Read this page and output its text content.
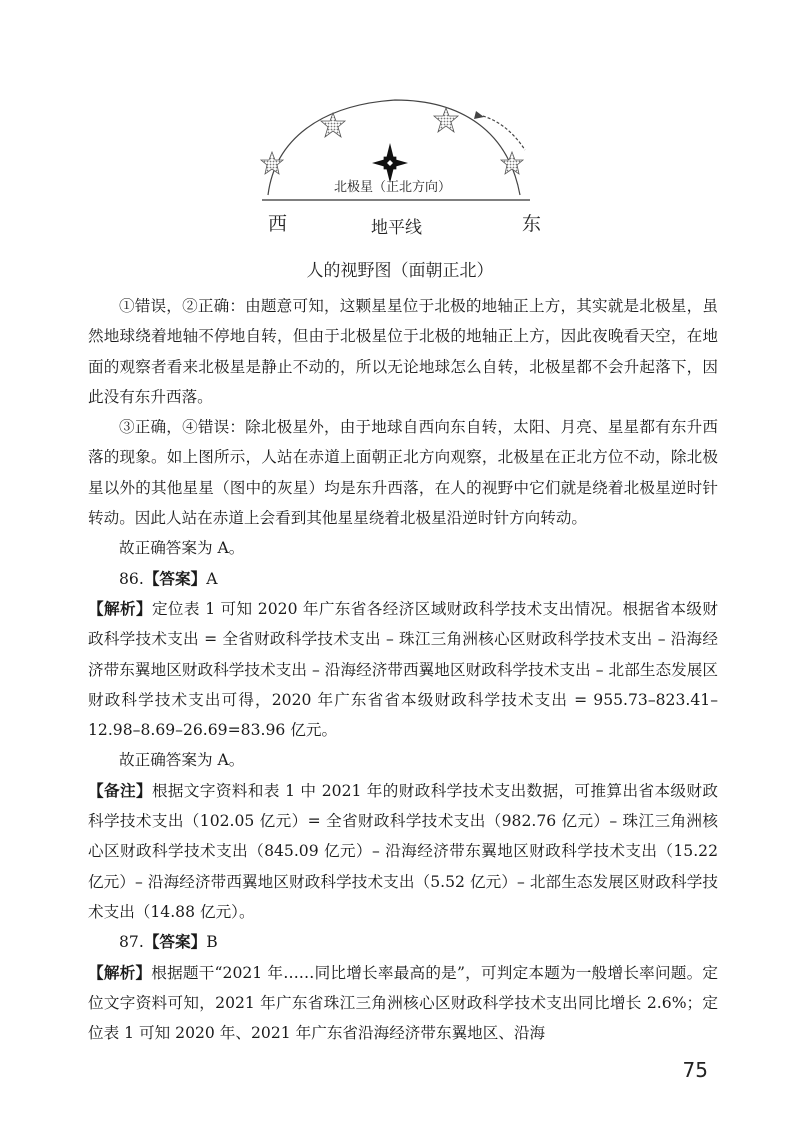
北极星（正北方向）
西	地平线	东
人的视野图（面朝正北）

①错误，②正确：由题意可知，这颗星星位于北极的地轴正上方，其实就是北极星，虽然地球绕着地轴不停地自转，但由于北极星位于北极的地轴正上方，因此夜晚看天空，在地面的观察者看来北极星是静止不动的，所以无论地球怎么自转，北极星都不会升起落下，因此没有东升西落。

③正确，④错误：除北极星外，由于地球自西向东自转，太阳、月亮、星星都有东升西落的现象。如上图所示，人站在赤道上面朝正北方向观察，北极星在正北方位不动，除北极星以外的其他星星（图中的灰星）均是东升西落，在人的视野中它们就是绕着北极星逆时针转动。因此人站在赤道上会看到其他星星绕着北极星沿逆时针方向转动。

故正确答案为 A。

86.【答案】A

【解析】定位表 1 可知 2020 年广东省各经济区域财政科学技术支出情况。根据省本级财政科学技术支出 = 全省财政科学技术支出 – 珠江三角洲核心区财政科学技术支出 – 沿海经济带东翼地区财政科学技术支出 – 沿海经济带西翼地区财政科学技术支出 – 北部生态发展区财政科学技术支出可得，2020 年广东省省本级财政科学技术支出 = 955.73–823.41–12.98–8.69–26.69=83.96 亿元。

故正确答案为 A。

【备注】根据文字资料和表 1 中 2021 年的财政科学技术支出数据，可推算出省本级财政科学技术支出（102.05 亿元）= 全省财政科学技术支出（982.76 亿元）– 珠江三角洲核心区财政科学技术支出（845.09 亿元）– 沿海经济带东翼地区财政科学技术支出（15.22 亿元）– 沿海经济带西翼地区财政科学技术支出（5.52 亿元）– 北部生态发展区财政科学技术支出（14.88 亿元）。

87.【答案】B

【解析】根据题干“2021 年……同比增长率最高的是”，可判定本题为一般增长率问题。定位文字资料可知，2021 年广东省珠江三角洲核心区财政科学技术支出同比增长 2.6%；定位表 1 可知 2020 年、2021 年广东省沿海经济带东翼地区、沿海

75
